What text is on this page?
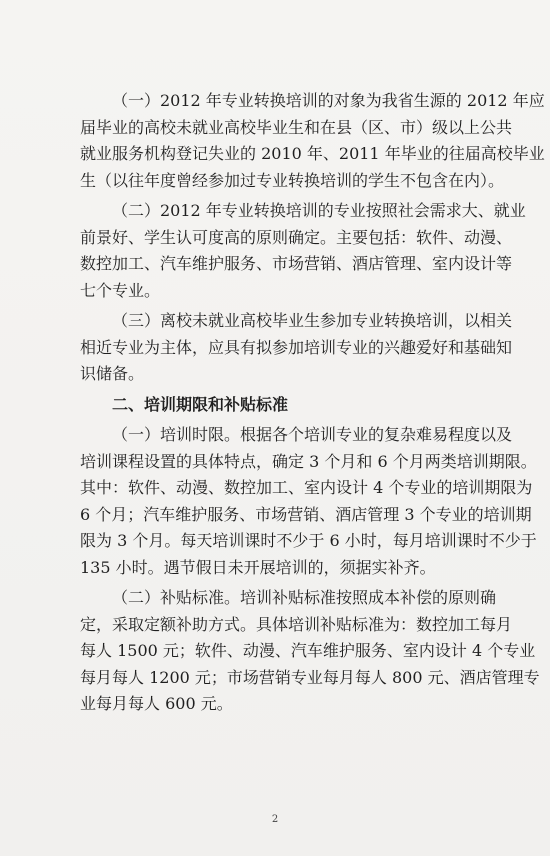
（一）2012 年专业转换培训的对象为我省生源的 2012 年应
届毕业的高校未就业高校毕业生和在县（区、市）级以上公共
就业服务机构登记失业的 2010 年、2011 年毕业的往届高校毕业
生（以往年度曾经参加过专业转换培训的学生不包含在内）。

（二）2012 年专业转换培训的专业按照社会需求大、就业
前景好、学生认可度高的原则确定。主要包括：软件、动漫、
数控加工、汽车维护服务、市场营销、酒店管理、室内设计等
七个专业。

（三）离校未就业高校毕业生参加专业转换培训，以相关
相近专业为主体，应具有拟参加培训专业的兴趣爱好和基础知
识储备。

二、培训期限和补贴标准

（一）培训时限。根据各个培训专业的复杂难易程度以及
培训课程设置的具体特点，确定 3 个月和 6 个月两类培训期限。
其中：软件、动漫、数控加工、室内设计 4 个专业的培训期限为
6 个月；汽车维护服务、市场营销、酒店管理 3 个专业的培训期
限为 3 个月。每天培训课时不少于 6 小时，每月培训课时不少于
135 小时。遇节假日未开展培训的，须据实补齐。

（二）补贴标准。培训补贴标准按照成本补偿的原则确
定，采取定额补助方式。具体培训补贴标准为：数控加工每月
每人 1500 元；软件、动漫、汽车维护服务、室内设计 4 个专业
每月每人 1200 元；市场营销专业每月每人 800 元、酒店管理专
业每月每人 600 元。

2
